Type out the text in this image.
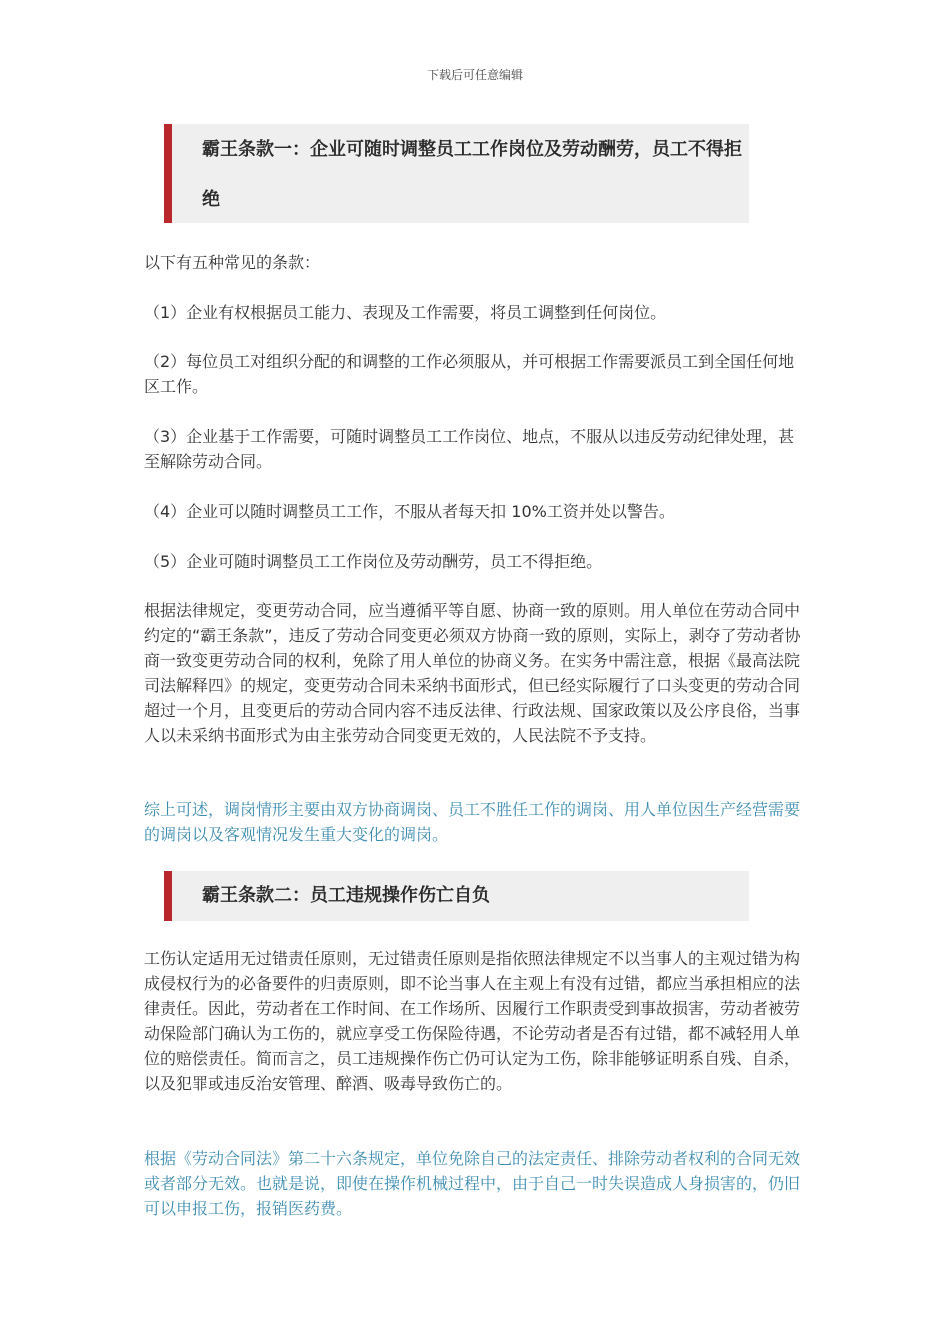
下载后可任意编辑
霸王条款一：企业可随时调整员工工作岗位及劳动酬劳，员工不得拒绝

以下有五种常见的条款：

（1）企业有权根据员工能力、表现及工作需要，将员工调整到任何岗位。

（2）每位员工对组织分配的和调整的工作必须服从，并可根据工作需要派员工到全国任何地区工作。

（3）企业基于工作需要，可随时调整员工工作岗位、地点，不服从以违反劳动纪律处理，甚至解除劳动合同。

（4）企业可以随时调整员工工作，不服从者每天扣 10%工资并处以警告。

（5）企业可随时调整员工工作岗位及劳动酬劳，员工不得拒绝。

根据法律规定，变更劳动合同，应当遵循平等自愿、协商一致的原则。用人单位在劳动合同中约定的“霸王条款”，违反了劳动合同变更必须双方协商一致的原则，实际上，剥夺了劳动者协商一致变更劳动合同的权利，免除了用人单位的协商义务。在实务中需注意，根据《最高法院司法解释四》的规定，变更劳动合同未采纳书面形式，但已经实际履行了口头变更的劳动合同超过一个月，且变更后的劳动合同内容不违反法律、行政法规、国家政策以及公序良俗，当事人以未采纳书面形式为由主张劳动合同变更无效的，人民法院不予支持。

综上可述，调岗情形主要由双方协商调岗、员工不胜任工作的调岗、用人单位因生产经营需要的调岗以及客观情况发生重大变化的调岗。

霸王条款二：员工违规操作伤亡自负

工伤认定适用无过错责任原则，无过错责任原则是指依照法律规定不以当事人的主观过错为构成侵权行为的必备要件的归责原则，即不论当事人在主观上有没有过错，都应当承担相应的法律责任。因此，劳动者在工作时间、在工作场所、因履行工作职责受到事故损害，劳动者被劳动保险部门确认为工伤的，就应享受工伤保险待遇，不论劳动者是否有过错，都不减轻用人单位的赔偿责任。简而言之，员工违规操作伤亡仍可认定为工伤，除非能够证明系自残、自杀，以及犯罪或违反治安管理、醉酒、吸毒导致伤亡的。

根据《劳动合同法》第二十六条规定，单位免除自己的法定责任、排除劳动者权利的合同无效或者部分无效。也就是说，即使在操作机械过程中，由于自己一时失误造成人身损害的，仍旧可以申报工伤，报销医药费。
